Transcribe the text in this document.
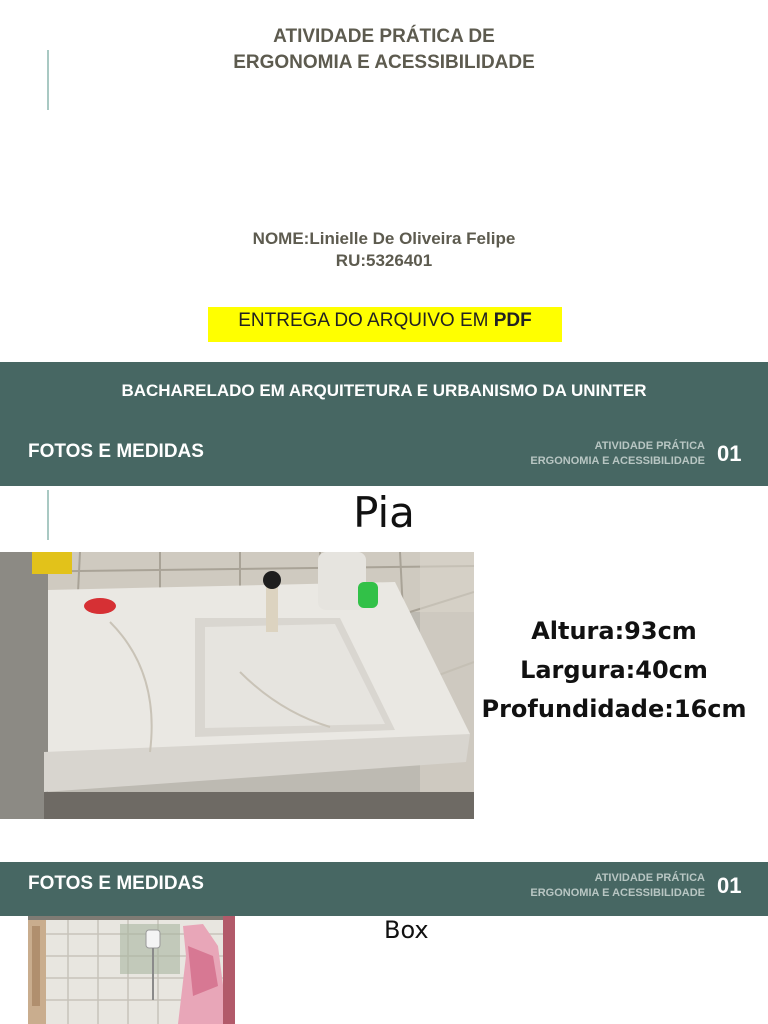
ATIVIDADE PRÁTICA DE
ERGONOMIA E ACESSIBILIDADE
NOME:Linielle De Oliveira Felipe
RU:5326401
ENTREGA DO ARQUIVO EM PDF
BACHARELADO EM ARQUITETURA E URBANISMO DA UNINTER
FOTOS E MEDIDAS	ATIVIDADE PRÁTICA
ERGONOMIA E ACESSIBILIDADE 01
Pia
Altura:93cm
Largura:40cm
Profundidade:16cm
FOTOS E MEDIDAS	ATIVIDADE PRÁTICA
ERGONOMIA E ACESSIBILIDADE 01
Box
